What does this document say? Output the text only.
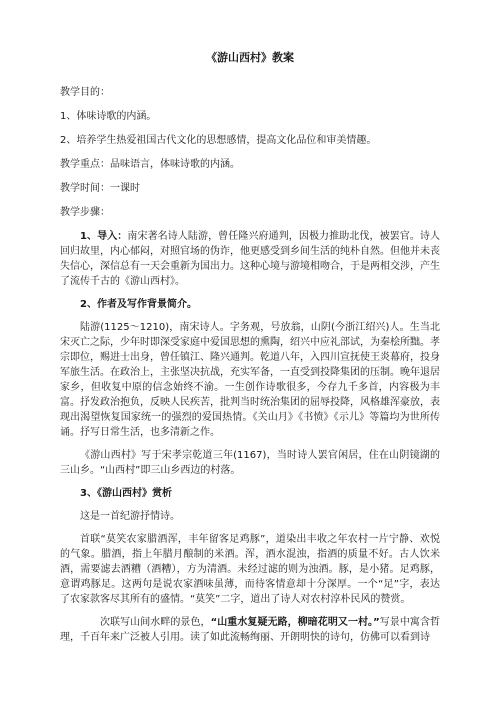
《游山西村》教案
教学目的：
1、体味诗歌的内涵。
2、培养学生热爱祖国古代文化的思想感情，提高文化品位和审美情趣。
教学重点：品味语言，体味诗歌的内涵。
教学时间：一课时
教学步骤：

1、导入：南宋著名诗人陆游，曾任隆兴府通判，因极力推助北伐，被罢官。诗人回归故里，内心郁闷，对照官场的伪诈，他更感受到乡间生活的纯朴自然。但他并未丧失信心，深信总有一天会重新为国出力。这种心境与游境相吻合，于是两相交涉，产生了流传千古的《游山西村》。

2、作者及写作背景简介。

陆游(1125～1210)，南宋诗人。字务观，号放翁，山阴(今浙江绍兴)人。生当北宋灭亡之际，少年时即深受家庭中爱国思想的熏陶，绍兴中应礼部试，为秦桧所黜。孝宗即位，赐进士出身，曾任镇江、隆兴通判。乾道八年，入四川宣抚使王炎幕府，投身军旅生活。在政治上，主张坚决抗战，充实军备，一直受到投降集团的压制。晚年退居家乡，但收复中原的信念始终不渝。一生创作诗歌很多，今存九千多首，内容极为丰富。抒发政治抱负，反映人民疾苦，批判当时统治集团的屈辱投降，风格雄浑豪放，表现出渴望恢复国家统一的强烈的爱国热情。《关山月》《书愤》《示儿》等篇均为世所传诵。抒写日常生活，也多清新之作。

《游山西村》写于宋孝宗乾道三年(1167)，当时诗人罢官闲居，住在山阴镜湖的三山乡。“山西村”即三山乡西边的村落。

3、《游山西村》赏析

这是一首纪游抒情诗。

首联“莫笑农家腊酒浑，丰年留客足鸡豚”，道染出丰收之年农村一片宁静、欢悦的气象。腊酒，指上年腊月酿制的米酒。浑，酒水混浊，指酒的质量不好。古人饮米酒，需要滤去酒糟（酒糟），方为清酒。未经过滤的则为浊酒。豚，是小猪。足鸡豚，意谓鸡豚足。这两句是说农家酒味虽薄，而待客情意却十分深厚。一个“足”字，表达了农家款客尽其所有的盛情。“莫笑”二字，道出了诗人对农村淳朴民风的赞赏。

次联写山间水畔的景色，“山重水复疑无路，柳暗花明又一村。”写景中寓含哲理，千百年来广泛被人引用。读了如此流畅绚丽、开朗明快的诗句，仿佛可以看到诗
